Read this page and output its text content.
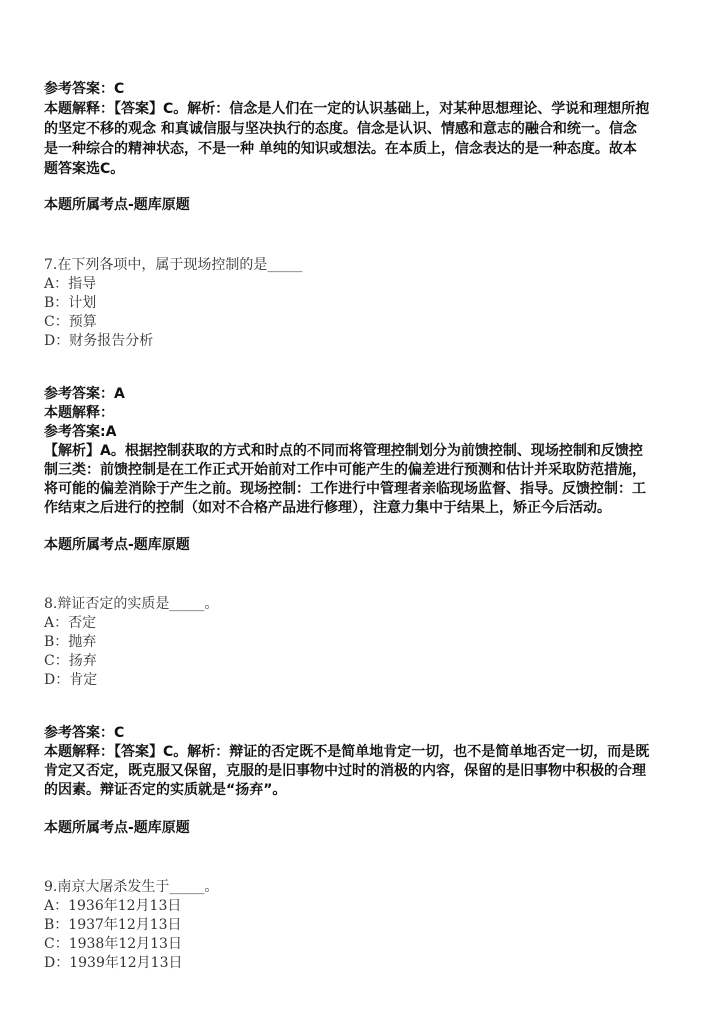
参考答案：C
本题解释：【答案】C。解析：信念是人们在一定的认识基础上，对某种思想理论、学说和理想所抱
的坚定不移的观念 和真诚信服与坚决执行的态度。信念是认识、情感和意志的融合和统一。信念
是一种综合的精神状态，不是一种 单纯的知识或想法。在本质上，信念表达的是一种态度。故本
题答案选C。
本题所属考点-题库原题
7.在下列各项中，属于现场控制的是_____
A：指导
B：计划
C：预算
D：财务报告分析
参考答案：A
本题解释：
参考答案:A
【解析】A。根据控制获取的方式和时点的不同而将管理控制划分为前馈控制、现场控制和反馈控
制三类：前馈控制是在工作正式开始前对工作中可能产生的偏差进行预测和估计并采取防范措施，
将可能的偏差消除于产生之前。现场控制：工作进行中管理者亲临现场监督、指导。反馈控制：工
作结束之后进行的控制（如对不合格产品进行修理），注意力集中于结果上，矫正今后活动。
本题所属考点-题库原题
8.辩证否定的实质是_____。
A：否定
B：抛弃
C：扬弃
D：肯定
参考答案：C
本题解释：【答案】C。解析：辩证的否定既不是简单地肯定一切，也不是简单地否定一切，而是既
肯定又否定，既克服又保留，克服的是旧事物中过时的消极的内容，保留的是旧事物中积极的合理
的因素。辩证否定的实质就是“扬弃”。
本题所属考点-题库原题
9.南京大屠杀发生于_____。
A：1936年12月13日
B：1937年12月13日
C：1938年12月13日
D：1939年12月13日
